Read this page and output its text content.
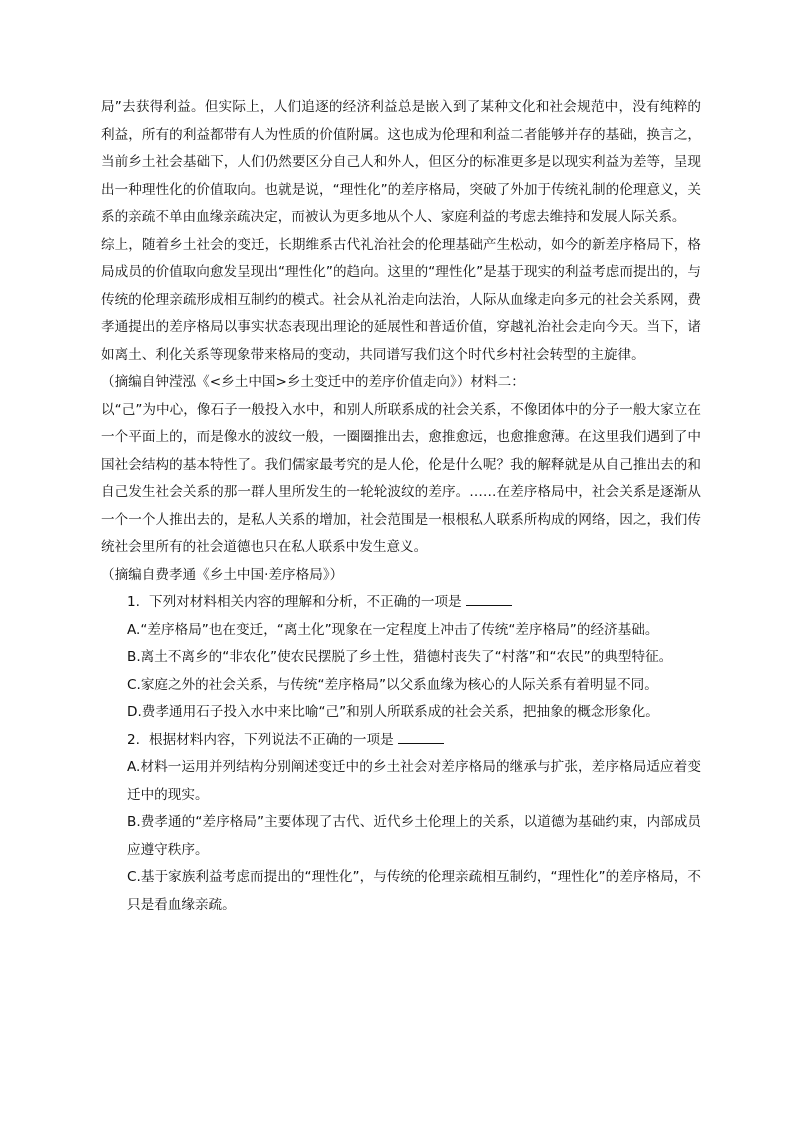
局”去获得利益。但实际上，人们追逐的经济利益总是嵌入到了某种文化和社会规范中，没有纯粹的利益，所有的利益都带有人为性质的价值附属。这也成为伦理和利益二者能够并存的基础，换言之，当前乡土社会基础下，人们仍然要区分自己人和外人，但区分的标准更多是以现实利益为差等，呈现出一种理性化的价值取向。也就是说，“理性化”的差序格局，突破了外加于传统礼制的伦理意义，关系的亲疏不单由血缘亲疏决定，而被认为更多地从个人、家庭利益的考虑去维持和发展人际关系。

综上，随着乡土社会的变迁，长期维系古代礼治社会的伦理基础产生松动，如今的新差序格局下，格局成员的价值取向愈发呈现出“理性化”的趋向。这里的“理性化”是基于现实的利益考虑而提出的，与传统的伦理亲疏形成相互制约的模式。社会从礼治走向法治，人际从血缘走向多元的社会关系网，费孝通提出的差序格局以事实状态表现出理论的延展性和普适价值，穿越礼治社会走向今天。当下，诸如离土、利化关系等现象带来格局的变动，共同谱写我们这个时代乡村社会转型的主旋律。

（摘编自钟滢泓《<乡土中国>乡土变迁中的差序价值走向》）材料二：

以“己”为中心，像石子一般投入水中，和别人所联系成的社会关系，不像团体中的分子一般大家立在一个平面上的，而是像水的波纹一般，一圈圈推出去，愈推愈远，也愈推愈薄。在这里我们遇到了中国社会结构的基本特性了。我们儒家最考究的是人伦，伦是什么呢？我的解释就是从自己推出去的和自己发生社会关系的那一群人里所发生的一轮轮波纹的差序。……在差序格局中，社会关系是逐渐从一个一个人推出去的，是私人关系的增加，社会范围是一根根私人联系所构成的网络，因之，我们传统社会里所有的社会道德也只在私人联系中发生意义。

（摘编自费孝通《乡土中国·差序格局》）

1. 下列对材料相关内容的理解和分析，不正确的一项是

A.“差序格局”也在变迁，“离土化”现象在一定程度上冲击了传统“差序格局”的经济基础。

B.离土不离乡的“非农化”使农民摆脱了乡土性，猎德村丧失了“村落”和“农民”的典型特征。

C.家庭之外的社会关系，与传统“差序格局”以父系血缘为核心的人际关系有着明显不同。

D.费孝通用石子投入水中来比喻“己”和别人所联系成的社会关系，把抽象的概念形象化。

2. 根据材料内容，下列说法不正确的一项是

A.材料一运用并列结构分别阐述变迁中的乡土社会对差序格局的继承与扩张，差序格局适应着变迁中的现实。

B.费孝通的“差序格局”主要体现了古代、近代乡土伦理上的关系，以道德为基础约束，内部成员应遵守秩序。

C.基于家族利益考虑而提出的“理性化”，与传统的伦理亲疏相互制约，“理性化”的差序格局，不只是看血缘亲疏。
